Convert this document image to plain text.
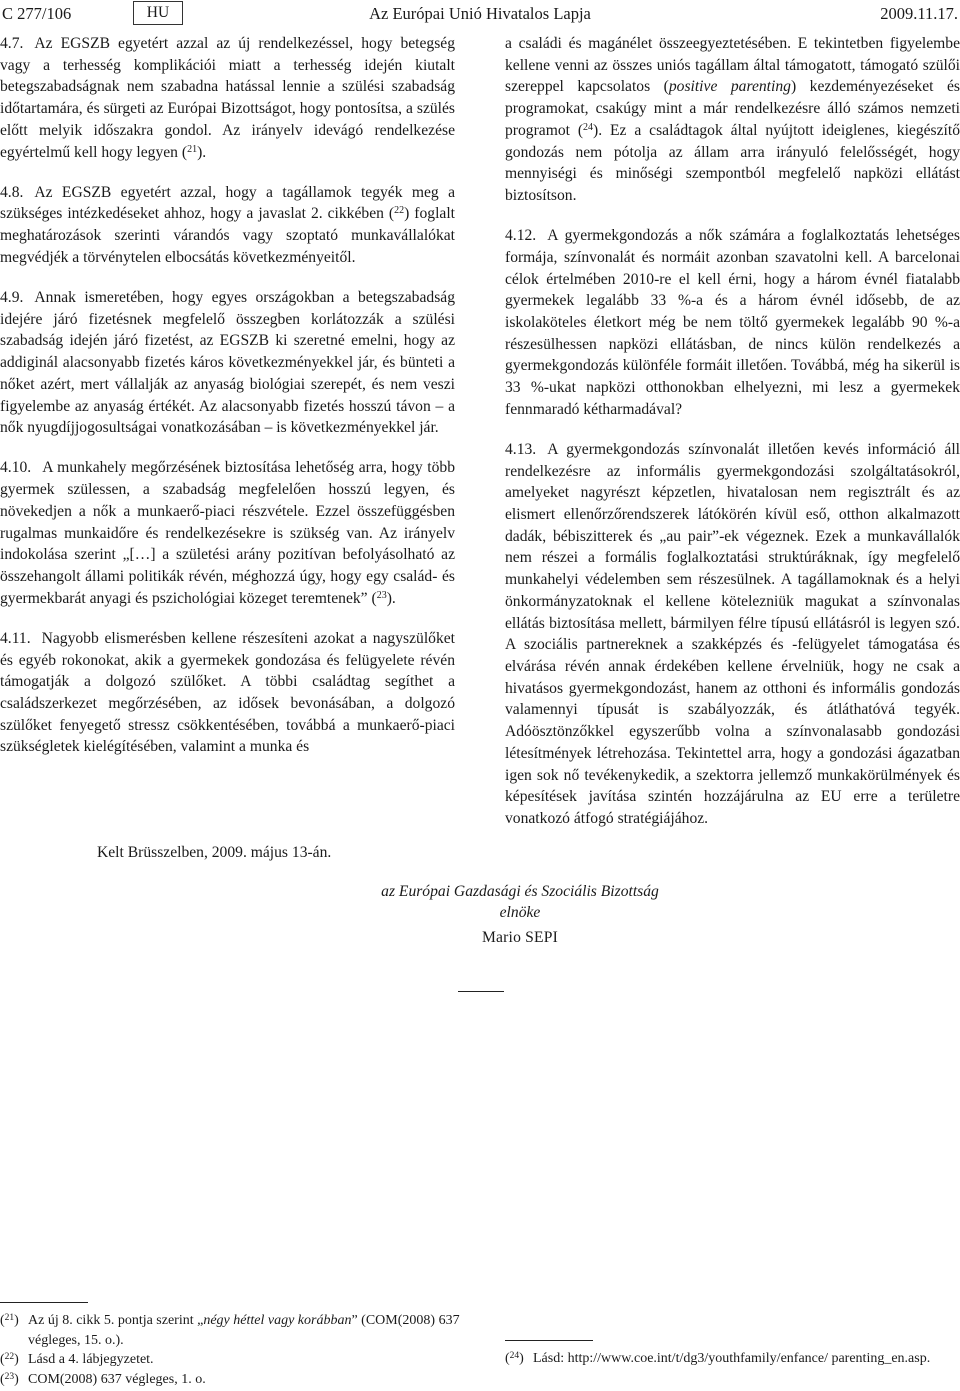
C 277/106	HU	Az Európai Unió Hivatalos Lapja	2009.11.17.

4.7. Az EGSZB egyetért azzal az új rendelkezéssel, hogy betegség vagy a terhesség komplikációi miatt a terhesség idején kiutalt betegszabadságnak nem szabadna hatással lennie a szülési szabadság időtartamára, és sürgeti az Európai Bizottságot, hogy pontosítsa, a szülés előtt melyik időszakra gondol. Az irányelv idevágó rendelkezése egyértelmű kell hogy legyen ($^{21}$).

4.8. Az EGSZB egyetért azzal, hogy a tagállamok tegyék meg a szükséges intézkedéseket ahhoz, hogy a javaslat 2. cikkében ($^{22}$) foglalt meghatározások szerinti várandós vagy szoptató munkavállalókat megvédjék a törvénytelen elbocsátás következményeitől.

4.9. Annak ismeretében, hogy egyes országokban a betegszabadság idejére járó fizetésnek megfelelő összegben korlátozzák a szülési szabadság idején járó fizetést, az EGSZB ki szeretné emelni, hogy az addiginál alacsonyabb fizetés káros következményekkel jár, és bünteti a nőket azért, mert vállalják az anyaság biológiai szerepét, és nem veszi figyelembe az anyaság értékét. Az alacsonyabb fizetés hosszú távon – a nők nyugdíjjogosultságai vonatkozásában – is következményekkel jár.

4.10. A munkahely megőrzésének biztosítása lehetőség arra, hogy több gyermek szülessen, a szabadság megfelelően hosszú legyen, és növekedjen a nők a munkaerő-piaci részvétele. Ezzel összefüggésben rugalmas munkaidőre és rendelkezésekre is szükség van. Az irányelv indokolása szerint „[…] a születési arány pozitívan befolyásolható az összehangolt állami politikák révén, méghozzá úgy, hogy egy család- és gyermekbarát anyagi és pszichológiai közeget teremtenek” ($^{23}$).

4.11. Nagyobb elismerésben kellene részesíteni azokat a nagyszülőket és egyéb rokonokat, akik a gyermekek gondozása és felügyelete révén támogatják a dolgozó szülőket. A többi családtag segíthet a családszerkezet megőrzésében, az idősek bevonásában, a dolgozó szülőket fenyegető stressz csökkentésében, továbbá a munkaerő-piaci szükségletek kielégítésében, valamint a munka és

a családi és magánélet összeegyeztetésében. E tekintetben figyelembe kellene venni az összes uniós tagállam által támogatott, támogató szülői szereppel kapcsolatos (positive parenting) kezdeményezéseket és programokat, csakúgy mint a már rendelkezésre álló számos nemzeti programot ($^{24}$). Ez a családtagok által nyújtott ideiglenes, kiegészítő gondozás nem pótolja az állam arra irányuló felelősségét, hogy mennyiségi és minőségi szempontból megfelelő napközi ellátást biztosítson.

4.12. A gyermekgondozás a nők számára a foglalkoztatás lehetséges formája, színvonalát és normáit azonban szavatolni kell. A barcelonai célok értelmében 2010-re el kell érni, hogy a három évnél fiatalabb gyermekek legalább 33 %-a és a három évnél idősebb, de az iskolaköteles életkort még be nem töltő gyermekek legalább 90 %-a részesülhessen napközi ellátásban, de nincs külön rendelkezés a gyermekgondozás különféle formáit illetően. Továbbá, még ha sikerül is 33 %-ukat napközi otthonokban elhelyezni, mi lesz a gyermekek fennmaradó kétharmadával?

4.13. A gyermekgondozás színvonalát illetően kevés információ áll rendelkezésre az informális gyermekgondozási szolgáltatásokról, amelyeket nagyrészt képzetlen, hivatalosan nem regisztrált és az elismert ellenőrzőrendszerek látókörén kívül eső, otthon alkalmazott dadák, bébiszitterek és „au pair”-ek végeznek. Ezek a munkavállalók nem részei a formális foglalkoztatási struktúráknak, így megfelelő munkahelyi védelemben sem részesülnek. A tagállamoknak és a helyi önkormányzatoknak el kellene kötelezniük magukat a színvonalas ellátás biztosítása mellett, bármilyen félre típusú ellátásról is legyen szó. A szociális partnereknek a szakképzés és -felügyelet támogatása és elvárása révén annak érdekében kellene érvelniük, hogy ne csak a hivatásos gyermekgondozást, hanem az otthoni és informális gondozás valamennyi típusát is szabályozzák, és átláthatóvá tegyék. Adóösztönzőkkel egyszerűbb volna a színvonalasabb gondozási létesítmények létrehozása. Tekintettel arra, hogy a gondozási ágazatban igen sok nő tevékenykedik, a szektorra jellemző munkakörülmények és képesítések javítása szintén hozzájárulna az EU erre a területre vonatkozó átfogó stratégiájához.

Kelt Brüsszelben, 2009. május 13-án.
az Európai Gazdasági és Szociális Bizottság
elnöke
Mario SEPI
($^{21}$) Az új 8. cikk 5. pontja szerint „négy héttel vagy korábban” (COM(2008) 637 végleges, 15. o.).
($^{22}$) Lásd a 4. lábjegyzetet.
($^{23}$) COM(2008) 637 végleges, 1. o.
($^{24}$) Lásd: http://www.coe.int/t/dg3/youthfamily/enfance/ parenting_en.asp.
